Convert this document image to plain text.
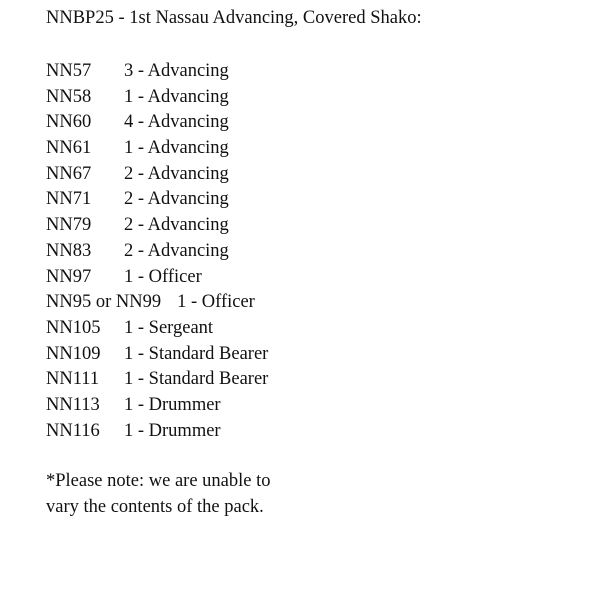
NNBP25 - 1st Nassau Advancing, Covered Shako:
NN57 3 - Advancing
NN58 1 - Advancing
NN60 4 - Advancing
NN61 1 - Advancing
NN67 2 - Advancing
NN71 2 - Advancing
NN79 2 - Advancing
NN83 2 - Advancing
NN97 1 - Officer
NN95 or NN99 1 - Officer
NN105 1 - Sergeant
NN109 1 - Standard Bearer
NN111 1 - Standard Bearer
NN113 1 - Drummer
NN116 1 - Drummer
*Please note: we are unable to
vary the contents of the pack.
